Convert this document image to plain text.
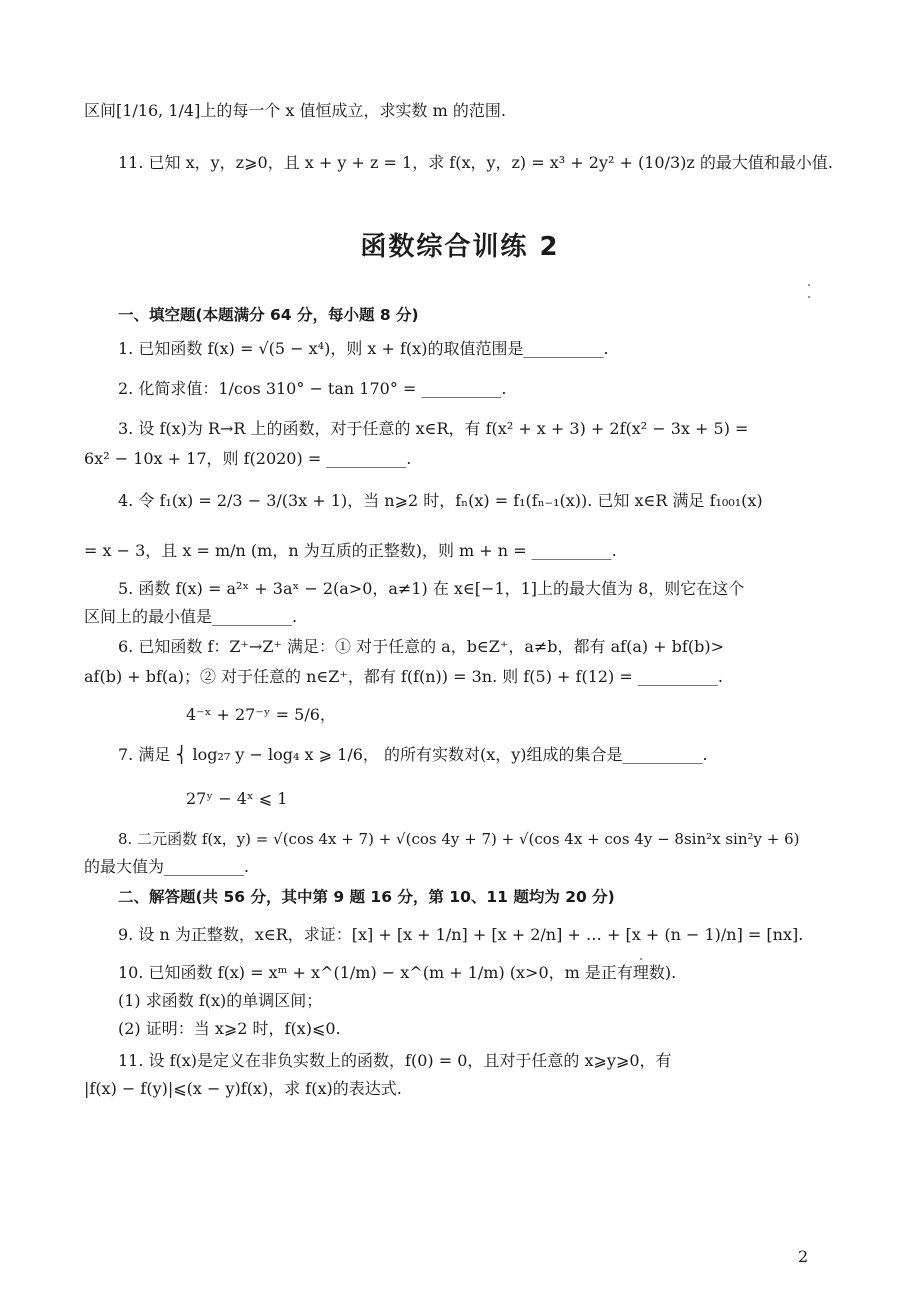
区间[1/16, 1/4]上的每一个 x 值恒成立，求实数 m 的范围.
11. 已知 x，y，z⩾0，且 x + y + z = 1，求 f(x，y，z) = x³ + 2y² + (10/3)z 的最大值和最小值.
函数综合训练 2
一、填空题(本题满分 64 分，每小题 8 分)
1. 已知函数 f(x) = √(5 − x⁴)，则 x + f(x)的取值范围是__________.
2. 化简求值：1/cos 310° − tan 170° = __________.
3. 设 f(x)为 R→R 上的函数，对于任意的 x∈R，有 f(x² + x + 3) + 2f(x² − 3x + 5) =
6x² − 10x + 17，则 f(2020) = __________.
4. 令 f₁(x) = 2/3 − 3/(3x + 1)，当 n⩾2 时，fₙ(x) = f₁(fₙ₋₁(x)). 已知 x∈R 满足 f₁₀₀₁(x)
= x − 3，且 x = m/n (m，n 为互质的正整数)，则 m + n = __________.
5. 函数 f(x) = a²ˣ + 3aˣ − 2(a>0，a≠1) 在 x∈[−1，1]上的最大值为 8，则它在这个
区间上的最小值是__________.
6. 已知函数 f：Z⁺→Z⁺ 满足：① 对于任意的 a，b∈Z⁺，a≠b，都有 af(a) + bf(b)>
af(b) + bf(a)；② 对于任意的 n∈Z⁺，都有 f(f(n)) = 3n. 则 f(5) + f(12) = __________.
4⁻ˣ + 27⁻ʸ = 5/6，
7. 满足 ⎨ log₂₇ y − log₄ x ⩾ 1/6， 的所有实数对(x，y)组成的集合是__________.
27ʸ − 4ˣ ⩽ 1
8. 二元函数 f(x，y) = √(cos 4x + 7) + √(cos 4y + 7) + √(cos 4x + cos 4y − 8sin²x sin²y + 6)
的最大值为__________.
二、解答题(共 56 分，其中第 9 题 16 分，第 10、11 题均为 20 分)
9. 设 n 为正整数，x∈R，求证：[x] + [x + 1/n] + [x + 2/n] + … + [x + (n − 1)/n] = [nx].
10. 已知函数 f(x) = xᵐ + x^(1/m) − x^(m + 1/m) (x>0，m 是正有理数).
(1) 求函数 f(x)的单调区间；
(2) 证明：当 x⩾2 时，f(x)⩽0.
11. 设 f(x)是定义在非负实数上的函数，f(0) = 0，且对于任意的 x⩾y⩾0，有
|f(x) − f(y)|⩽(x − y)f(x)，求 f(x)的表达式.
2
